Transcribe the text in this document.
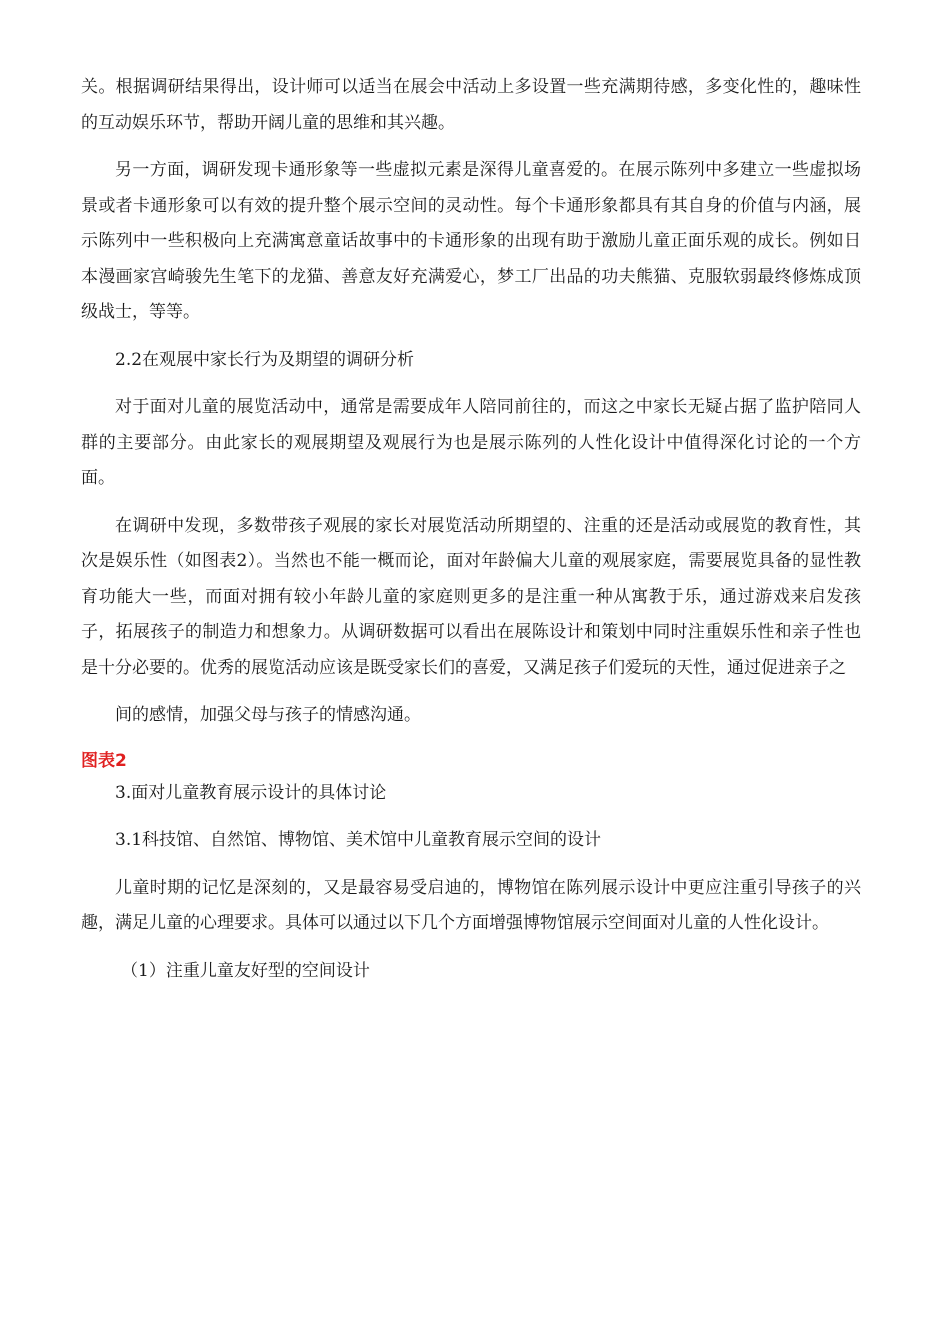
关。根据调研结果得出，设计师可以适当在展会中活动上多设置一些充满期待感，多变化性的，趣味性的互动娱乐环节，帮助开阔儿童的思维和其兴趣。

另一方面，调研发现卡通形象等一些虚拟元素是深得儿童喜爱的。在展示陈列中多建立一些虚拟场景或者卡通形象可以有效的提升整个展示空间的灵动性。每个卡通形象都具有其自身的价值与内涵，展示陈列中一些积极向上充满寓意童话故事中的卡通形象的出现有助于激励儿童正面乐观的成长。例如日本漫画家宫崎骏先生笔下的龙猫、善意友好充满爱心，梦工厂出品的功夫熊猫、克服软弱最终修炼成顶级战士，等等。

2.2在观展中家长行为及期望的调研分析

对于面对儿童的展览活动中，通常是需要成年人陪同前往的，而这之中家长无疑占据了监护陪同人群的主要部分。由此家长的观展期望及观展行为也是展示陈列的人性化设计中值得深化讨论的一个方面。

在调研中发现，多数带孩子观展的家长对展览活动所期望的、注重的还是活动或展览的教育性，其次是娱乐性（如图表2）。当然也不能一概而论，面对年龄偏大儿童的观展家庭，需要展览具备的显性教育功能大一些，而面对拥有较小年龄儿童的家庭则更多的是注重一种从寓教于乐，通过游戏来启发孩子，拓展孩子的制造力和想象力。从调研数据可以看出在展陈设计和策划中同时注重娱乐性和亲子性也是十分必要的。优秀的展览活动应该是既受家长们的喜爱，又满足孩子们爱玩的天性，通过促进亲子之

间的感情，加强父母与孩子的情感沟通。

图表2

3.面对儿童教育展示设计的具体讨论

3.1科技馆、自然馆、博物馆、美术馆中儿童教育展示空间的设计

儿童时期的记忆是深刻的，又是最容易受启迪的，博物馆在陈列展示设计中更应注重引导孩子的兴趣，满足儿童的心理要求。具体可以通过以下几个方面增强博物馆展示空间面对儿童的人性化设计。

（1）注重儿童友好型的空间设计
